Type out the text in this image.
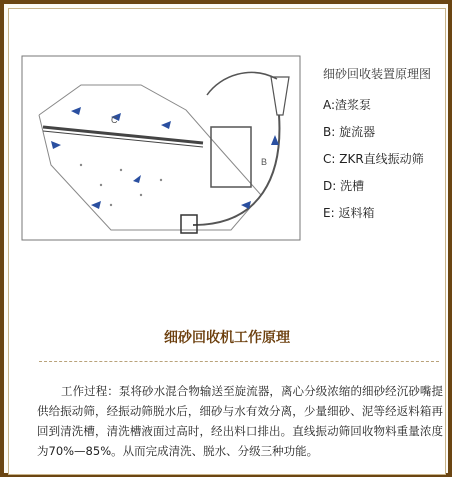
C
B
细砂回收装置原理图
A:渣浆泵
B: 旋流器
C: ZKR直线振动筛
D: 洗槽
E: 返料箱
细砂回收机工作原理
工作过程：泵将砂水混合物输送至旋流器，离心分级浓缩的细砂经沉砂嘴提供给振动筛，经振动筛脱水后，细砂与水有效分离，少量细砂、泥等经返料箱再回到清洗槽，清洗槽液面过高时，经出料口排出。直线振动筛回收物料重量浓度为70%—85%。从而完成清洗、脱水、分级三种功能。
